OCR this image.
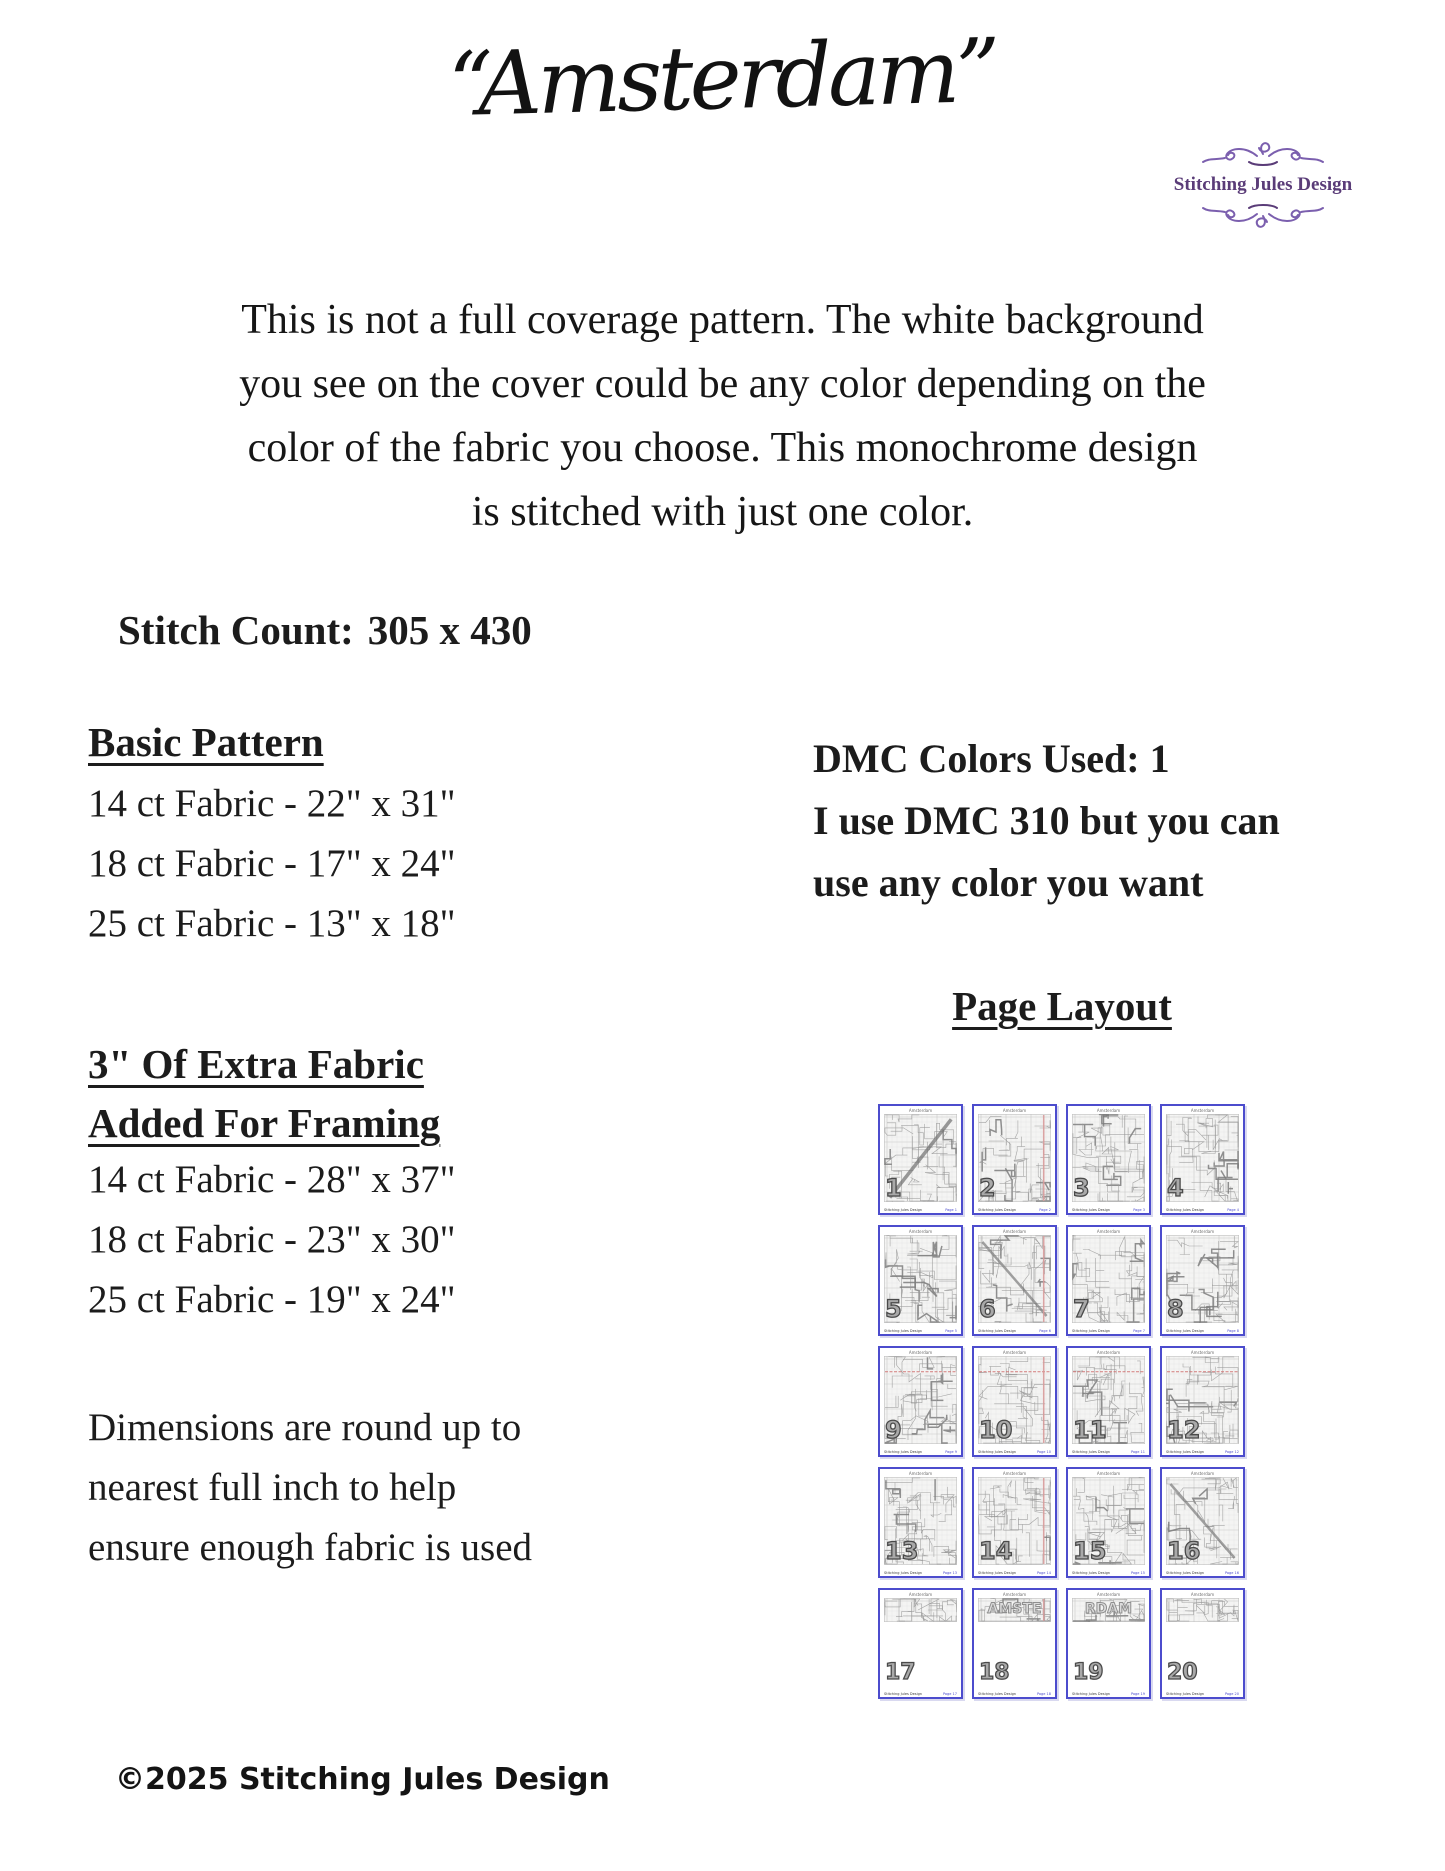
“Amsterdam”
Stitching Jules Design
This is not a full coverage pattern. The white background
you see on the cover could be any color depending on the
color of the fabric you choose. This monochrome design
is stitched with just one color.
Stitch Count: 305 x 430
Basic Pattern
14 ct Fabric - 22" x 31"
18 ct Fabric - 17" x 24"
25 ct Fabric - 13" x 18"
DMC Colors Used: 1
I use DMC 310 but you can
use any color you want
Page Layout
3" Of Extra Fabric
Added For Framing
14 ct Fabric - 28" x 37"
18 ct Fabric - 23" x 30"
25 ct Fabric - 19" x 24"
Dimensions are round up to
nearest full inch to help
ensure enough fabric is used
Amsterdam
1
Stitching Jules Design	Page 1
Amsterdam
2
Stitching Jules Design	Page 2
Amsterdam
3
Stitching Jules Design	Page 3
Amsterdam
4
Stitching Jules Design	Page 4
Amsterdam
5
Stitching Jules Design	Page 5
Amsterdam
6
Stitching Jules Design	Page 6
Amsterdam
7
Stitching Jules Design	Page 7
Amsterdam
8
Stitching Jules Design	Page 8
Amsterdam
9
Stitching Jules Design	Page 9
Amsterdam
10
Stitching Jules Design	Page 10
Amsterdam
11
Stitching Jules Design	Page 11
Amsterdam
12
Stitching Jules Design	Page 12
Amsterdam
13
Stitching Jules Design	Page 13
Amsterdam
14
Stitching Jules Design	Page 14
Amsterdam
15
Stitching Jules Design	Page 15
Amsterdam
16
Stitching Jules Design	Page 16
Amsterdam
17
Stitching Jules Design	Page 17
Amsterdam
AMSTE
18
Stitching Jules Design	Page 18
Amsterdam
RDAM
19
Stitching Jules Design	Page 19
Amsterdam
20
Stitching Jules Design	Page 20
©2025 Stitching Jules Design
